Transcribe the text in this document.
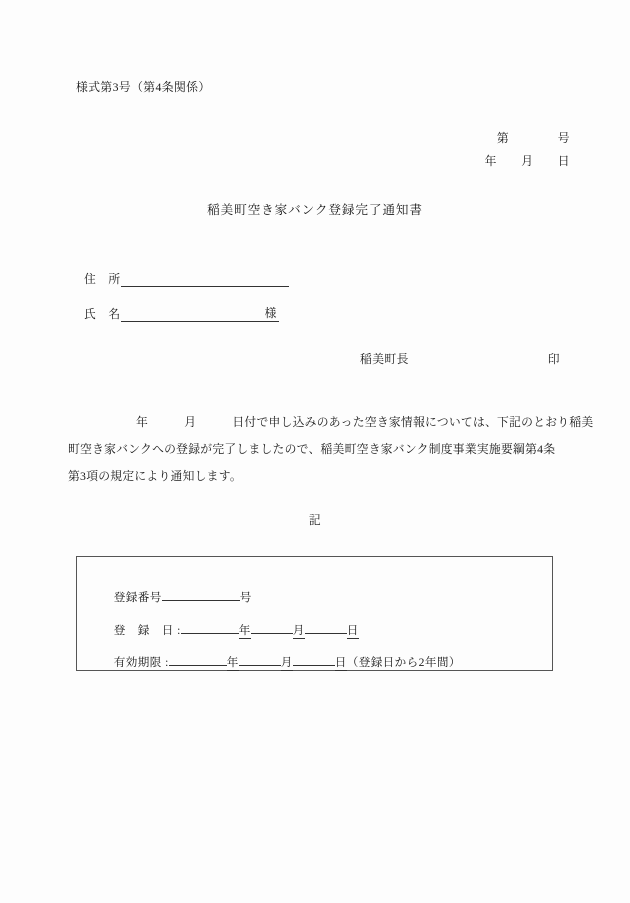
様式第3号（第4条関係）
第　　　　号
年　　月　　日
稲美町空き家バンク登録完了通知書
住　所
氏　名	様
稲美町長	印
年　　　月　　　日付で申し込みのあった空き家情報については、下記のとおり稲美
町空き家バンクへの登録が完了しましたので、稲美町空き家バンク制度事業実施要綱第4条
第3項の規定により通知します。
記

登録番号	号

登　録　日 :	年	月	日

有効期限 :	年	月	日（登録日から2年間）
